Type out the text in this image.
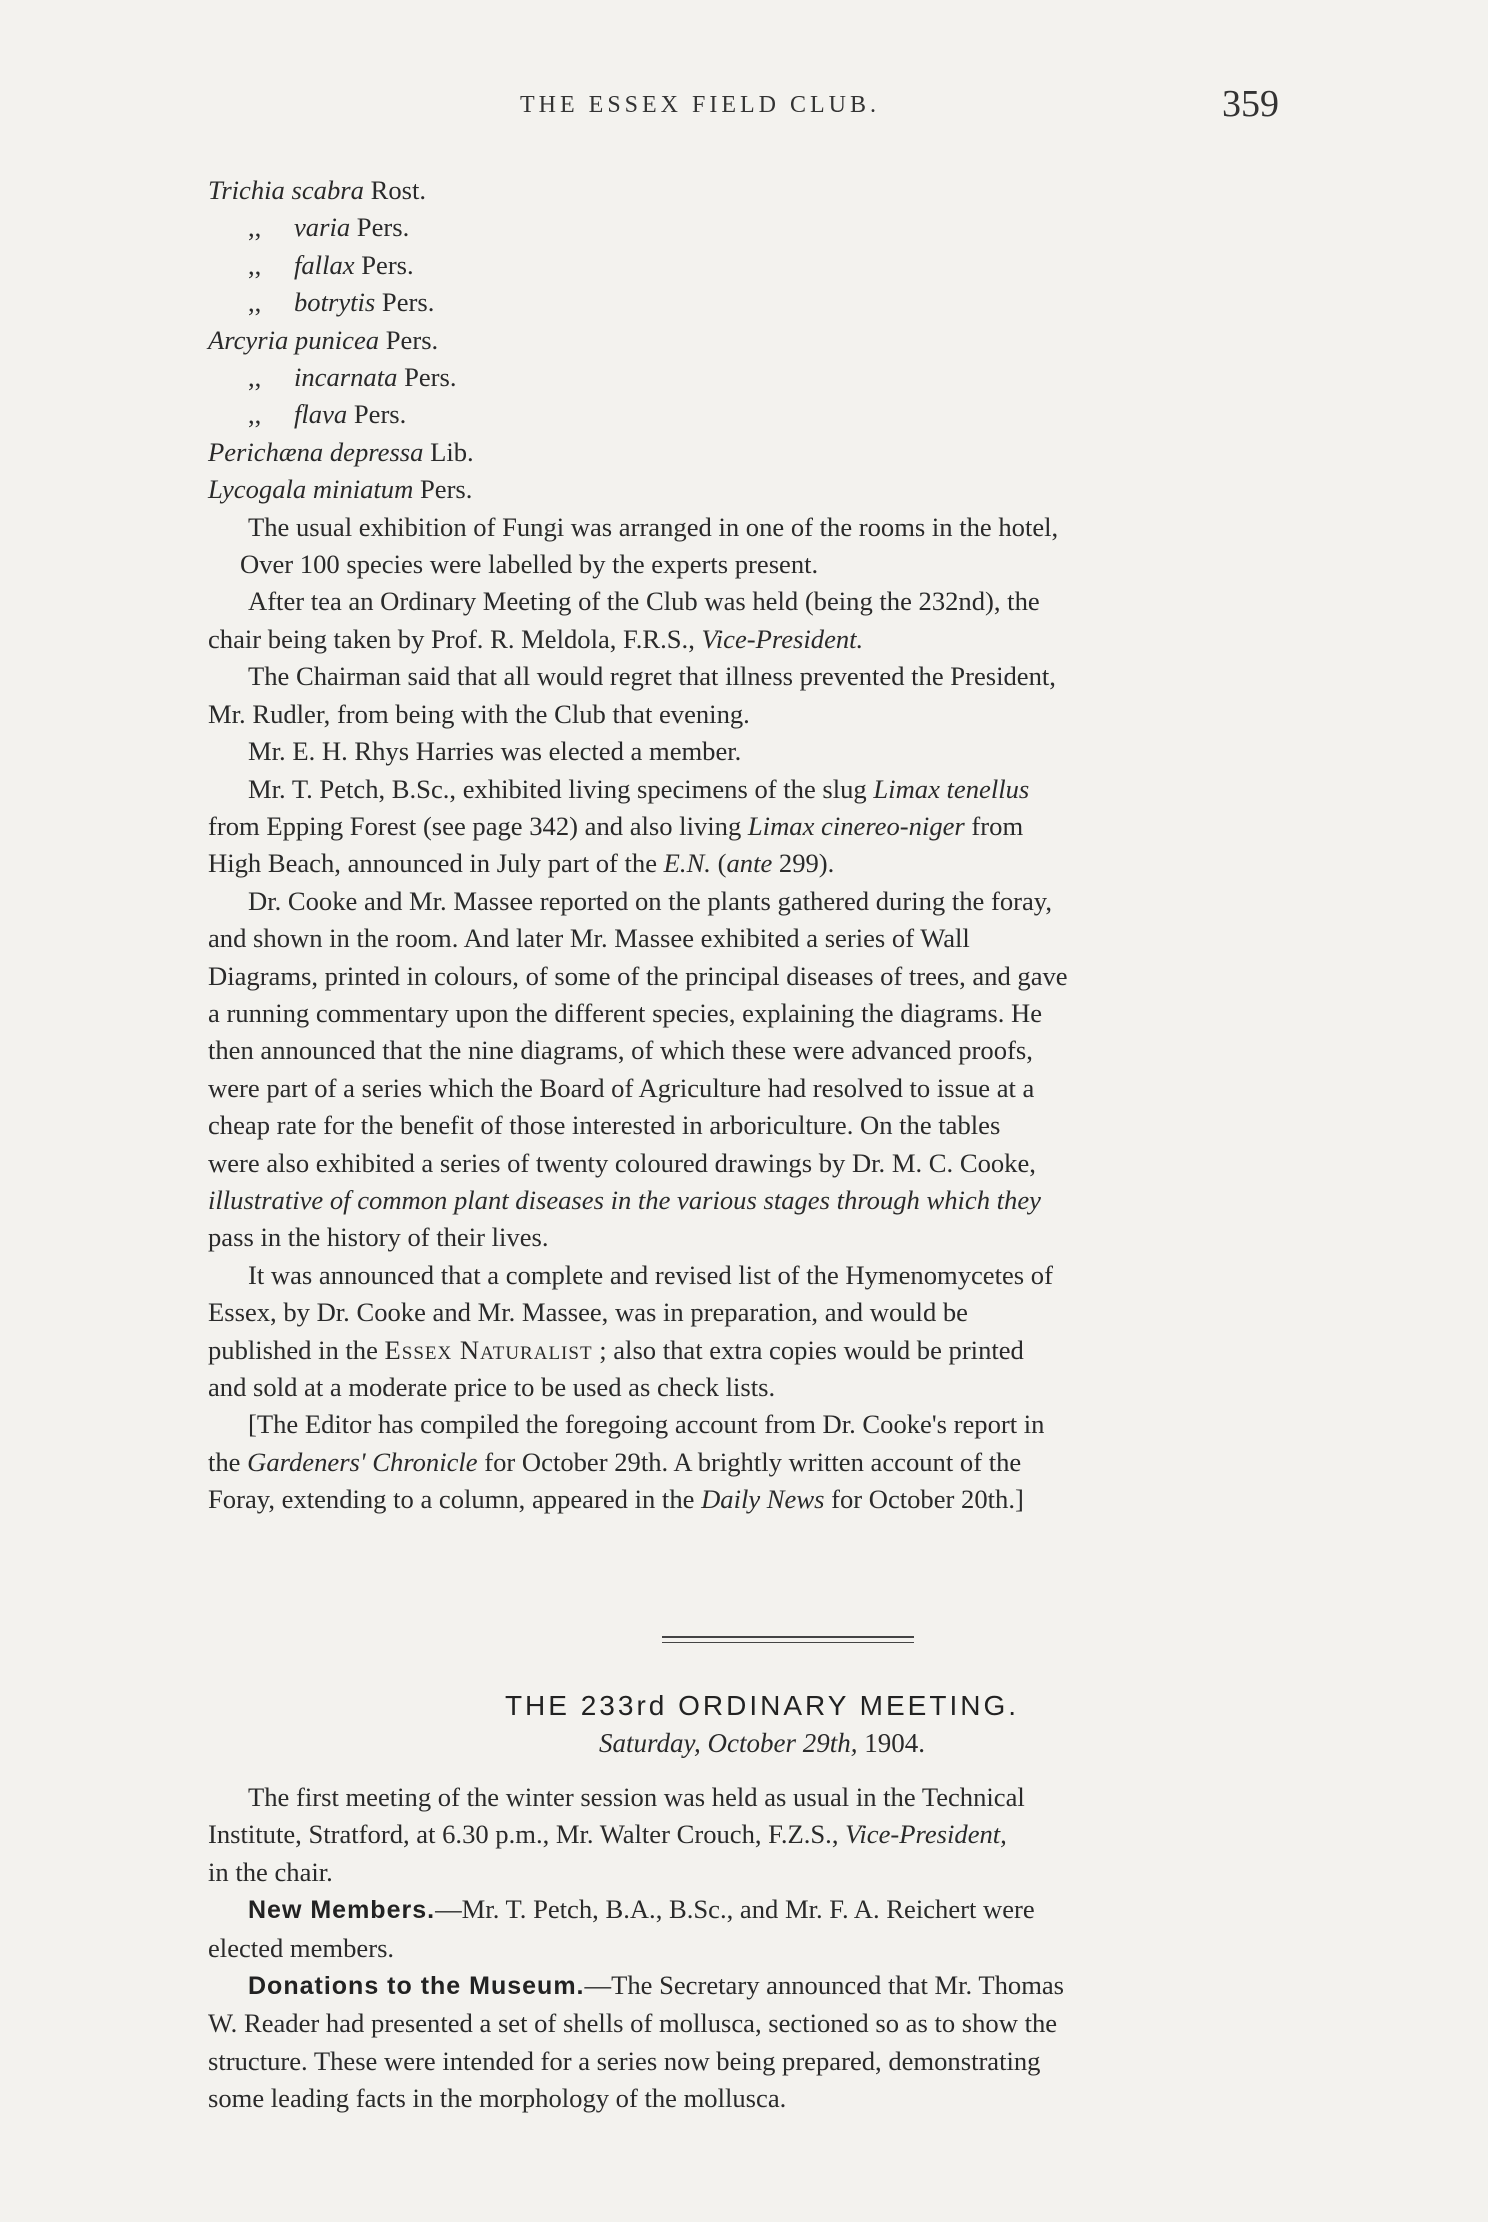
THE ESSEX FIELD CLUB.	359

Trichia scabra Rost.

,, varia Pers.

,, fallax Pers.

,, botrytis Pers.

Arcyria punicea Pers.

,, incarnata Pers.

,, flava Pers.

Perichæna depressa Lib.

Lycogala miniatum Pers.

The usual exhibition of Fungi was arranged in one of the rooms in the hotel,
Over 100 species were labelled by the experts present.
After tea an Ordinary Meeting of the Club was held (being the 232nd), the
chair being taken by Prof. R. Meldola, F.R.S., Vice-President.
The Chairman said that all would regret that illness prevented the President,
Mr. Rudler, from being with the Club that evening.
Mr. E. H. Rhys Harries was elected a member.
Mr. T. Petch, B.Sc., exhibited living specimens of the slug Limax tenellus
from Epping Forest (see page 342) and also living Limax cinereo-niger from
High Beach, announced in July part of the E.N. (ante 299).
Dr. Cooke and Mr. Massee reported on the plants gathered during the foray,
and shown in the room. And later Mr. Massee exhibited a series of Wall
Diagrams, printed in colours, of some of the principal diseases of trees, and gave
a running commentary upon the different species, explaining the diagrams. He
then announced that the nine diagrams, of which these were advanced proofs,
were part of a series which the Board of Agriculture had resolved to issue at a
cheap rate for the benefit of those interested in arboriculture. On the tables
were also exhibited a series of twenty coloured drawings by Dr. M. C. Cooke,
illustrative of common plant diseases in the various stages through which they
pass in the history of their lives.
It was announced that a complete and revised list of the Hymenomycetes of
Essex, by Dr. Cooke and Mr. Massee, was in preparation, and would be
published in the Essex Naturalist ; also that extra copies would be printed
and sold at a moderate price to be used as check lists.
[The Editor has compiled the foregoing account from Dr. Cooke's report in
the Gardeners' Chronicle for October 29th. A brightly written account of the
Foray, extending to a column, appeared in the Daily News for October 20th.]

THE 233rd ORDINARY MEETING.

Saturday, October 29th, 1904.

The first meeting of the winter session was held as usual in the Technical
Institute, Stratford, at 6.30 p.m., Mr. Walter Crouch, F.Z.S., Vice-President,
in the chair.
New Members.—Mr. T. Petch, B.A., B.Sc., and Mr. F. A. Reichert were
elected members.
Donations to the Museum.—The Secretary announced that Mr. Thomas
W. Reader had presented a set of shells of mollusca, sectioned so as to show the
structure. These were intended for a series now being prepared, demonstrating
some leading facts in the morphology of the mollusca.
